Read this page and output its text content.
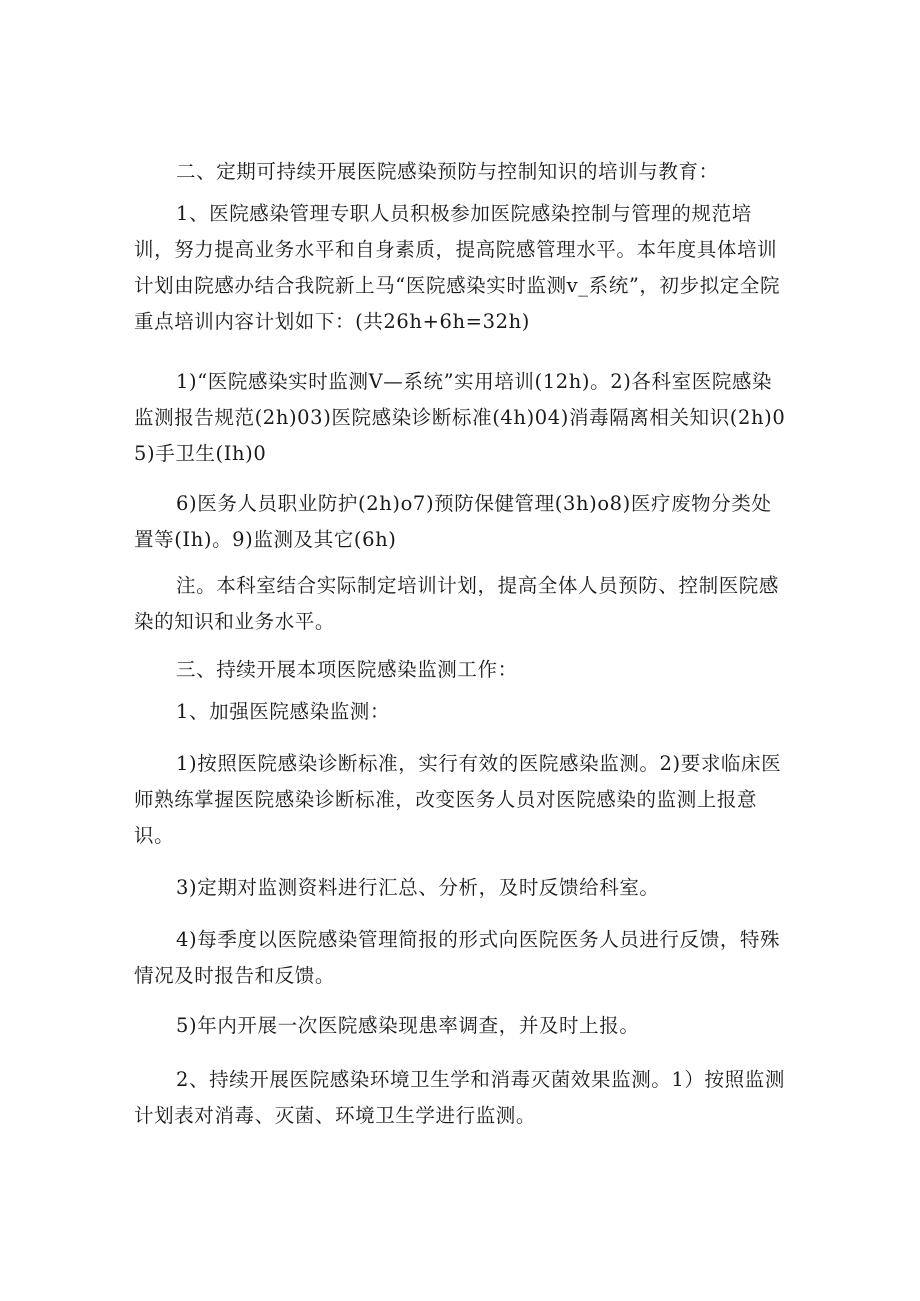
二、定期可持续开展医院感染预防与控制知识的培训与教育：

1、医院感染管理专职人员积极参加医院感染控制与管理的规范培训，努力提高业务水平和自身素质，提高院感管理水平。本年度具体培训计划由院感办结合我院新上马“医院感染实时监测v_系统”，初步拟定全院重点培训内容计划如下：(共26h+6h=32h)

1)“医院感染实时监测V—系统”实用培训(12h)。2)各科室医院感染监测报告规范(2h)03)医院感染诊断标准(4h)04)消毒隔离相关知识(2h)05)手卫生(Ih)0

6)医务人员职业防护(2h)o7)预防保健管理(3h)o8)医疗废物分类处置等(Ih)。9)监测及其它(6h)

注。本科室结合实际制定培训计划，提高全体人员预防、控制医院感染的知识和业务水平。

三、持续开展本项医院感染监测工作：

1、加强医院感染监测：

1)按照医院感染诊断标准，实行有效的医院感染监测。2)要求临床医师熟练掌握医院感染诊断标准，改变医务人员对医院感染的监测上报意识。

3)定期对监测资料进行汇总、分析，及时反馈给科室。

4)每季度以医院感染管理简报的形式向医院医务人员进行反馈，特殊情况及时报告和反馈。

5)年内开展一次医院感染现患率调查，并及时上报。

2、持续开展医院感染环境卫生学和消毒灭菌效果监测。1）按照监测计划表对消毒、灭菌、环境卫生学进行监测。
